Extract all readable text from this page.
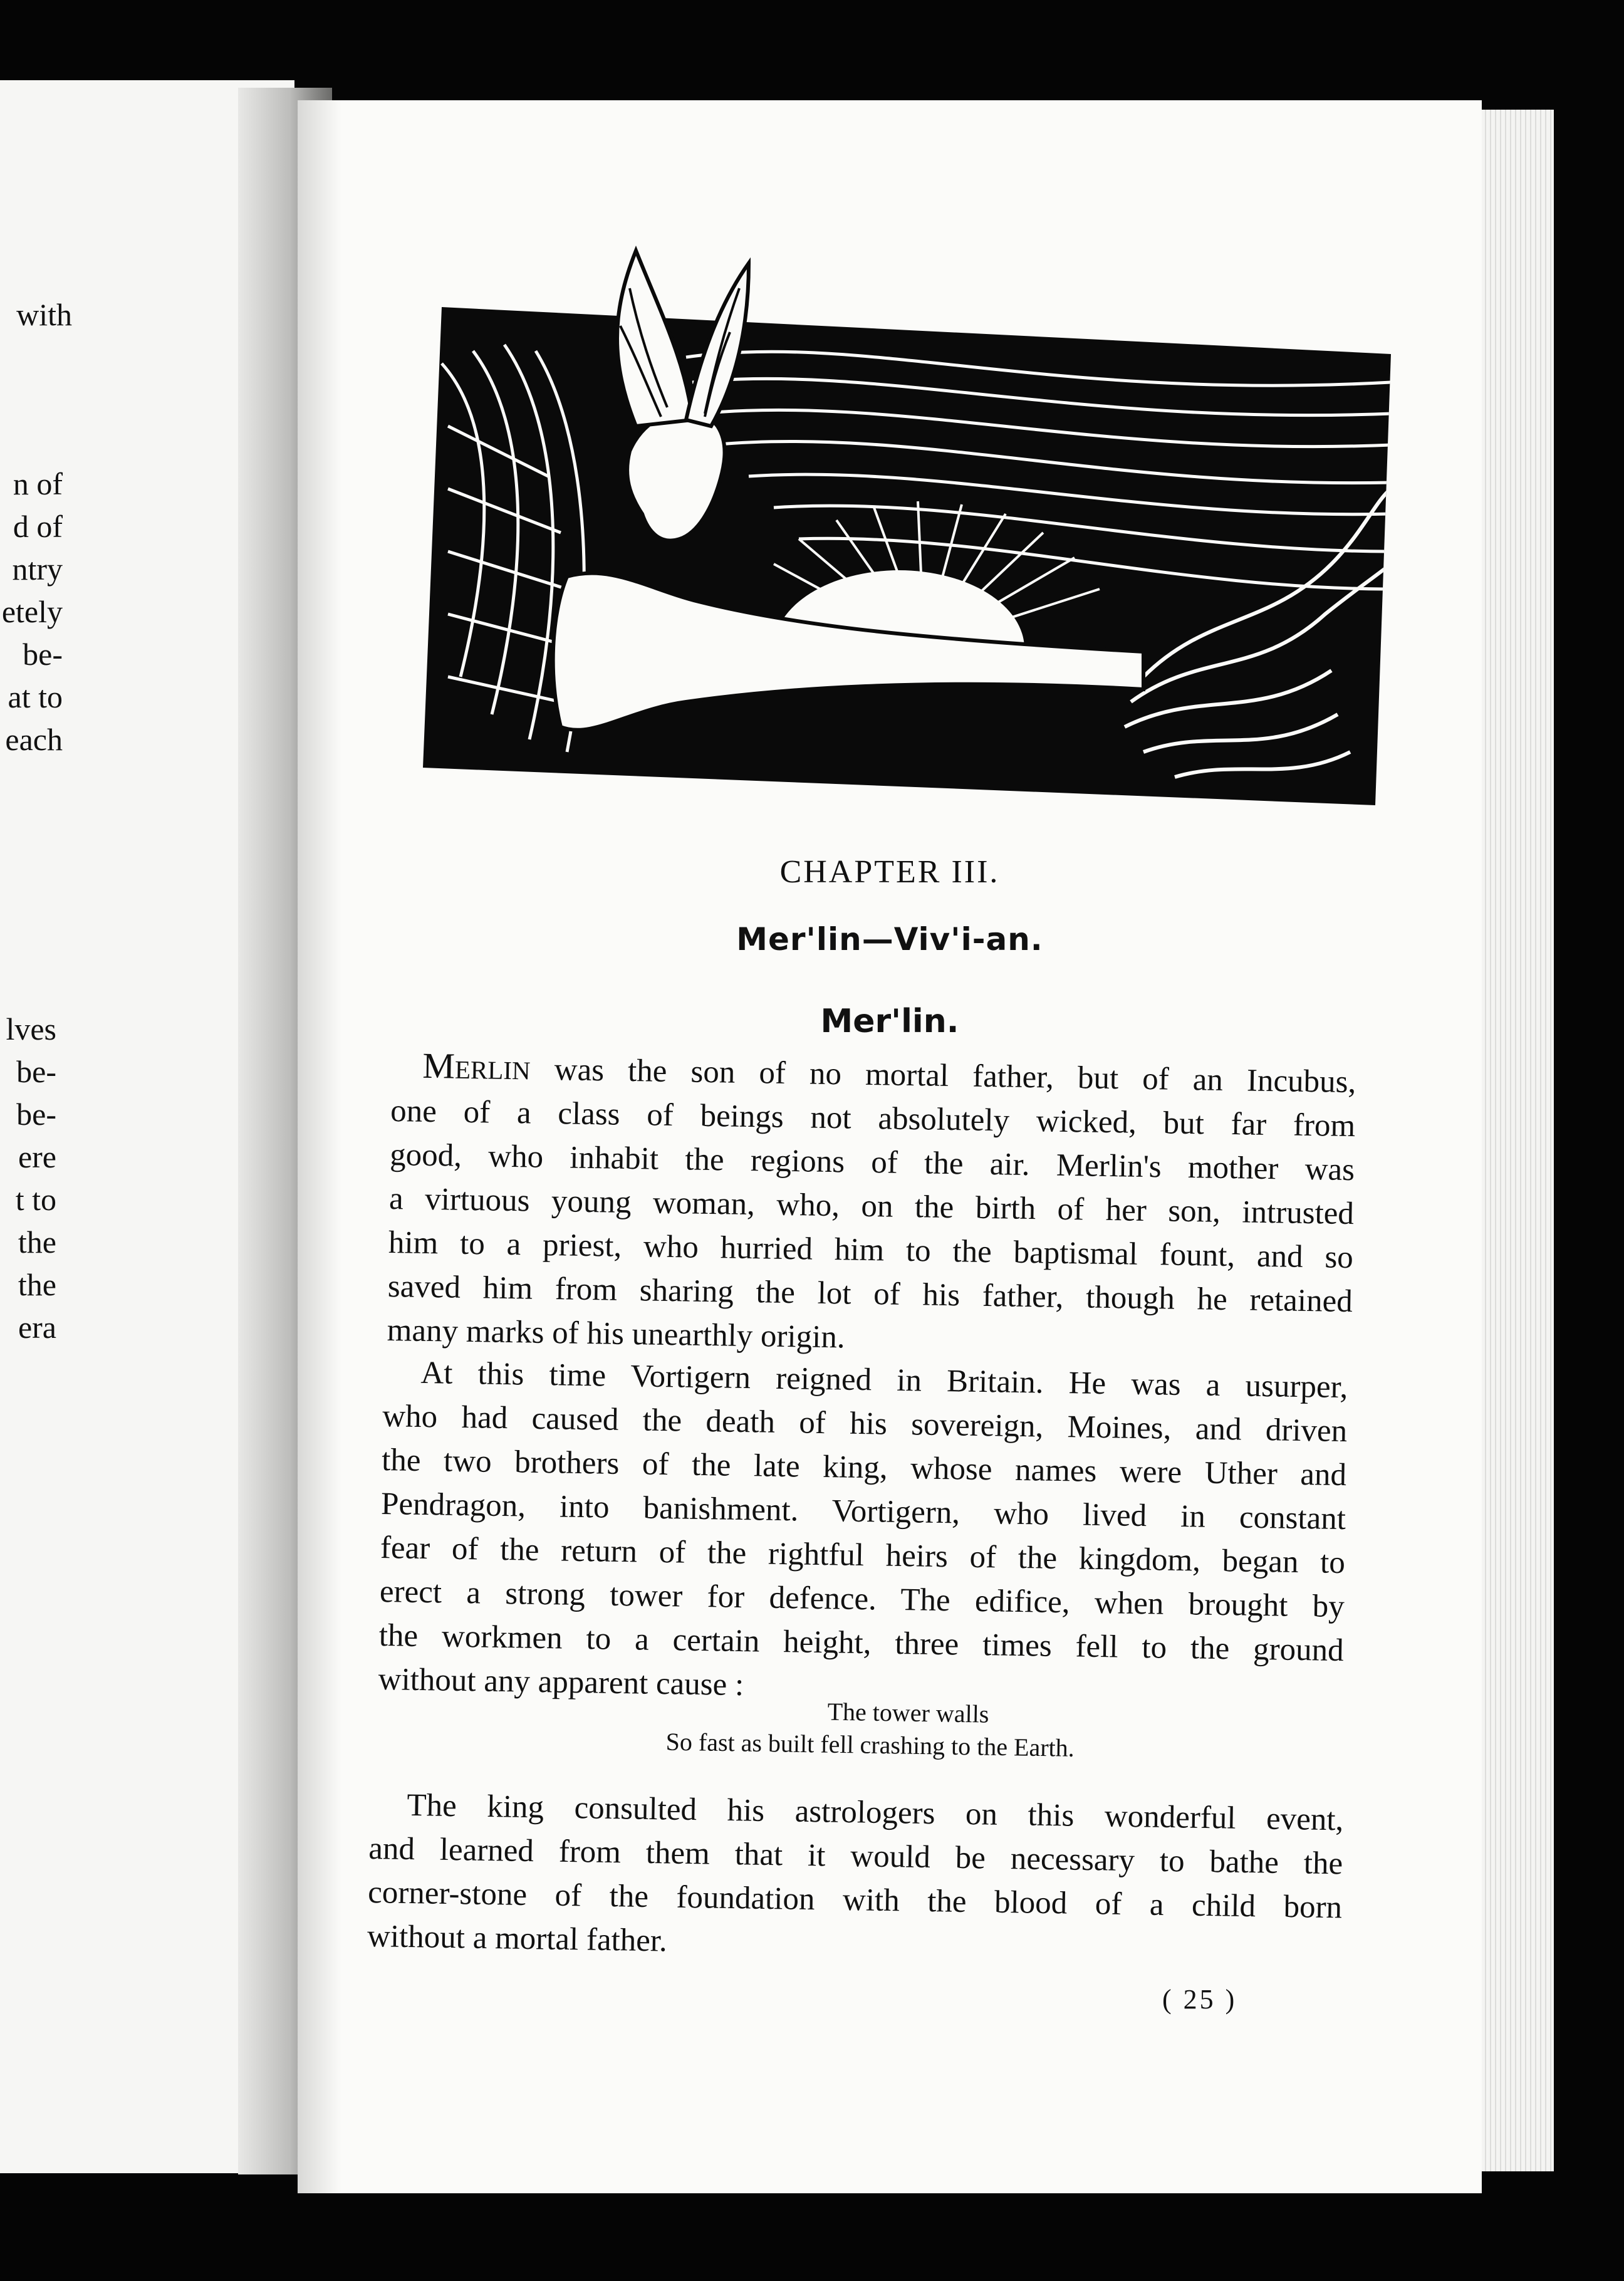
with
n of
d of
ntry
etely
be-
at to
each
lves
be-
be-
ere
t to
the
the
era
CHAPTER III.
Mer'lin—Viv'i-an.
Mer'lin.
Merlin was the son of no mortal father, but of an Incubus,
one of a class of beings not absolutely wicked, but far from
good, who inhabit the regions of the air. Merlin's mother was
a virtuous young woman, who, on the birth of her son, intrusted
him to a priest, who hurried him to the baptismal fount, and so
saved him from sharing the lot of his father, though he retained
many marks of his unearthly origin.
At this time Vortigern reigned in Britain. He was a usurper,
who had caused the death of his sovereign, Moines, and driven
the two brothers of the late king, whose names were Uther and
Pendragon, into banishment. Vortigern, who lived in constant
fear of the return of the rightful heirs of the kingdom, began to
erect a strong tower for defence. The edifice, when brought by
the workmen to a certain height, three times fell to the ground
without any apparent cause :
The tower walls
So fast as built fell crashing to the Earth.
The king consulted his astrologers on this wonderful event,
and learned from them that it would be necessary to bathe the
corner-stone of the foundation with the blood of a child born
without a mortal father.
( 25 )
